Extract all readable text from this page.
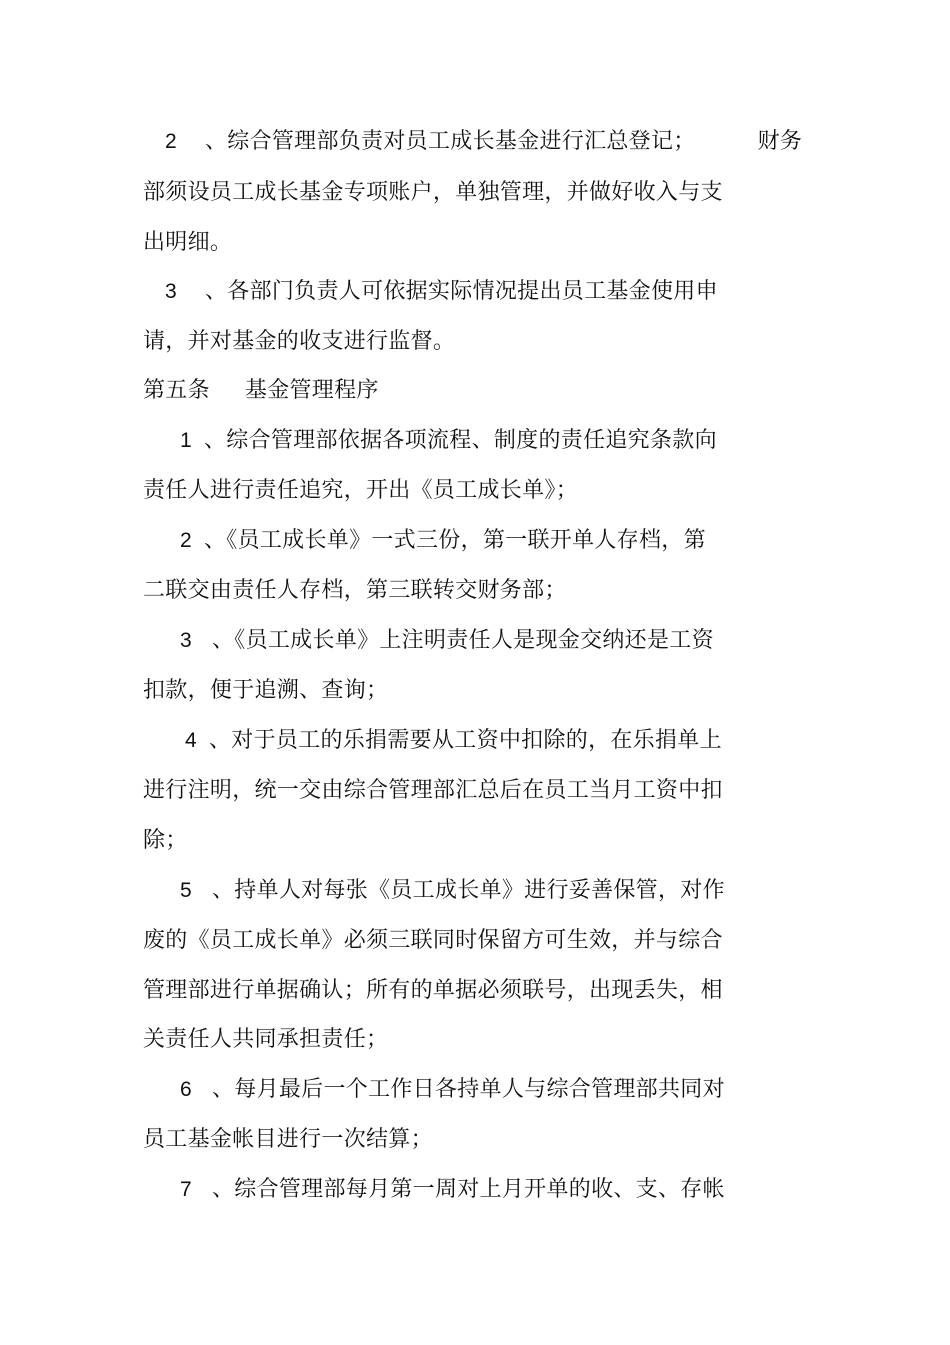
2 、综合管理部负责对员工成长基金进行汇总登记；	财务
部须设员工成长基金专项账户，单独管理，并做好收入与支
出明细。
3 、各部门负责人可依据实际情况提出员工基金使用申
请，并对基金的收支进行监督。
第五条 基金管理程序
1 、综合管理部依据各项流程、制度的责任追究条款向
责任人进行责任追究，开出《员工成长单》；
2 、《员工成长单》一式三份，第一联开单人存档，第
二联交由责任人存档，第三联转交财务部；
3 、《员工成长单》上注明责任人是现金交纳还是工资
扣款，便于追溯、查询；
4 、对于员工的乐捐需要从工资中扣除的，在乐捐单上
进行注明，统一交由综合管理部汇总后在员工当月工资中扣
除；
5 、持单人对每张《员工成长单》进行妥善保管，对作
废的《员工成长单》必须三联同时保留方可生效，并与综合
管理部进行单据确认；所有的单据必须联号，出现丢失，相
关责任人共同承担责任；
6 、每月最后一个工作日各持单人与综合管理部共同对
员工基金帐目进行一次结算；
7 、综合管理部每月第一周对上月开单的收、支、存帐
